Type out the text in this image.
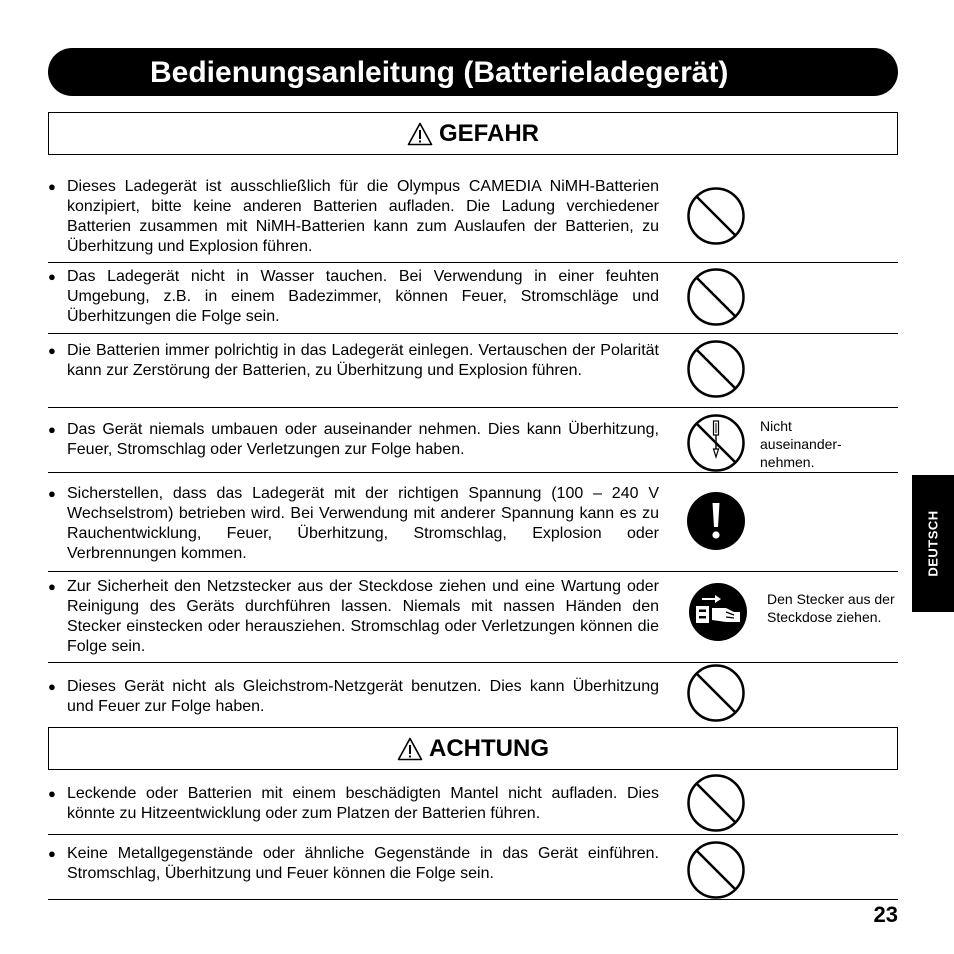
Bedienungsanleitung (Batterieladegerät)
GEFAHR
● Dieses Ladegerät ist ausschließlich für die Olympus CAMEDIA NiMH-Batterien konzipiert, bitte keine anderen Batterien aufladen. Die Ladung verchiedener Batterien zusammen mit NiMH-Batterien kann zum Auslaufen der Batterien, zu Überhitzung und Explosion führen.
● Das Ladegerät nicht in Wasser tauchen. Bei Verwendung in einer feuhten Umgebung, z.B. in einem Badezimmer, können Feuer, Stromschläge und Überhitzungen die Folge sein.
● Die Batterien immer polrichtig in das Ladegerät einlegen. Vertauschen der Polarität kann zur Zerstörung der Batterien, zu Überhitzung und Explosion führen.
● Das Gerät niemals umbauen oder auseinander nehmen. Dies kann Überhitzung, Feuer, Stromschlag oder Verletzungen zur Folge haben.
Nicht auseinander-nehmen.
● Sicherstellen, dass das Ladegerät mit der richtigen Spannung (100 – 240 V Wechselstrom) betrieben wird. Bei Verwendung mit anderer Spannung kann es zu Rauchentwicklung, Feuer, Überhitzung, Stromschlag, Explosion oder Verbrennungen kommen.
● Zur Sicherheit den Netzstecker aus der Steckdose ziehen und eine Wartung oder Reinigung des Geräts durchführen lassen. Niemals mit nassen Händen den Stecker einstecken oder herausziehen. Stromschlag oder Verletzungen können die Folge sein.
Den Stecker aus der Steckdose ziehen.
● Dieses Gerät nicht als Gleichstrom-Netzgerät benutzen. Dies kann Überhitzung und Feuer zur Folge haben.
ACHTUNG
● Leckende oder Batterien mit einem beschädigten Mantel nicht aufladen. Dies könnte zu Hitzeentwicklung oder zum Platzen der Batterien führen.
● Keine Metallgegenstände oder ähnliche Gegenstände in das Gerät einführen. Stromschlag, Überhitzung und Feuer können die Folge sein.
DEUTSCH
23
